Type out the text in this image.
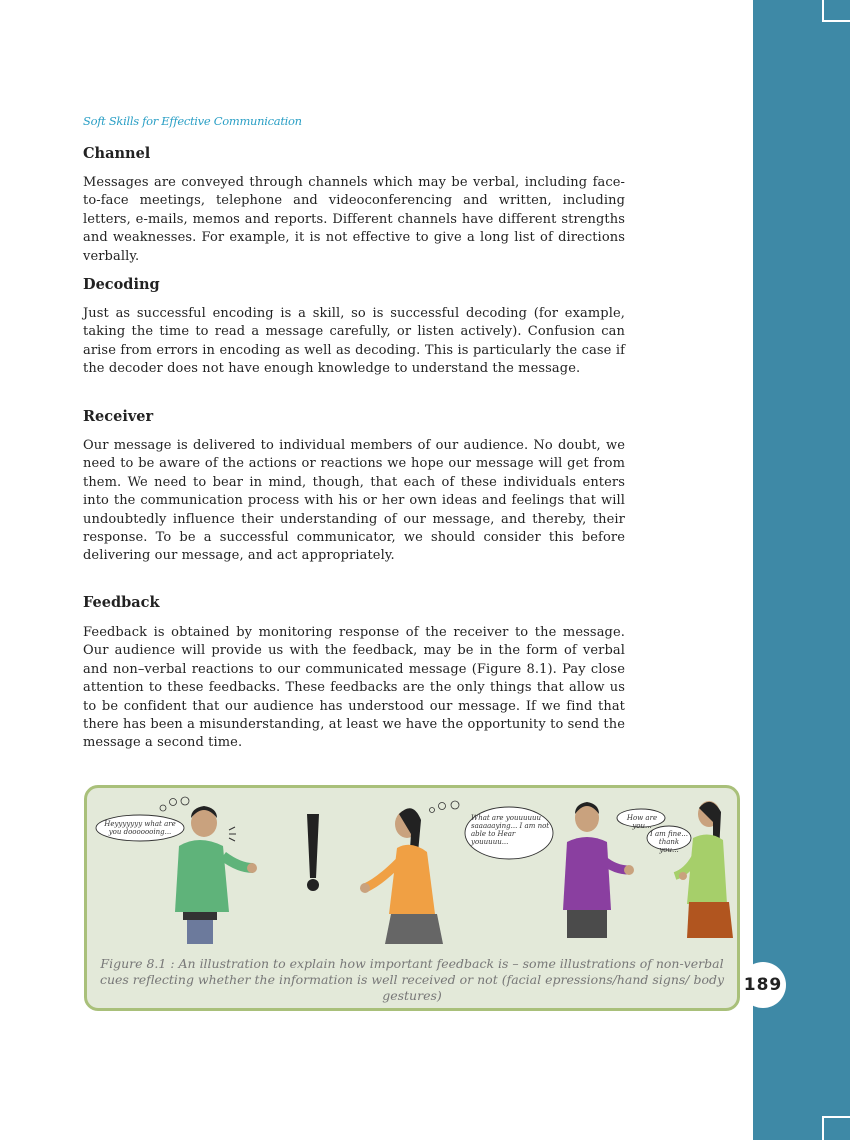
Soft Skills for Effective Communication
Channel

Messages are conveyed through channels which may be verbal, including face-to-face meetings, telephone and videoconferencing and written, including letters, e-mails, memos and reports. Different channels have different strengths and weaknesses. For example, it is not effective to give a long list of directions verbally.

Decoding

Just as successful encoding is a skill, so is successful decoding (for example, taking the time to read a message carefully, or listen actively). Confusion can arise from errors in encoding as well as decoding. This is particularly the case if the decoder does not have enough knowledge to understand the message.

Receiver

Our message is delivered to individual members of our audience. No doubt, we need to be aware of the actions or reactions we hope our message will get from them. We need to bear in mind, though, that each of these individuals enters into the communication process with his or her own ideas and feelings that will undoubtedly influence their understanding of our message, and thereby, their response. To be a successful communicator, we should consider this before delivering our message, and act appropriately.

Feedback

Feedback is obtained by monitoring response of the receiver to the message. Our audience will provide us with the feedback, may be in the form of verbal and non–verbal reactions to our communicated message (Figure 8.1). Pay close attention to these feedbacks. These feedbacks are the only things that allow us to be confident that our audience has understood our message. If we find that there has been a misunderstanding, at least we have the opportunity to send the message a second time.

Heyyyyyyy what are you dooooooing...
What are youuuuuu saaaaaying... I am not able to Hear youuuuu...
How are you...
I am fine... thank you...
Figure 8.1 : An illustration to explain how important feedback is – some illustrations of non-verbal cues reflecting whether the information is well received or not (facial epressions/hand signs/ body gestures)
189
